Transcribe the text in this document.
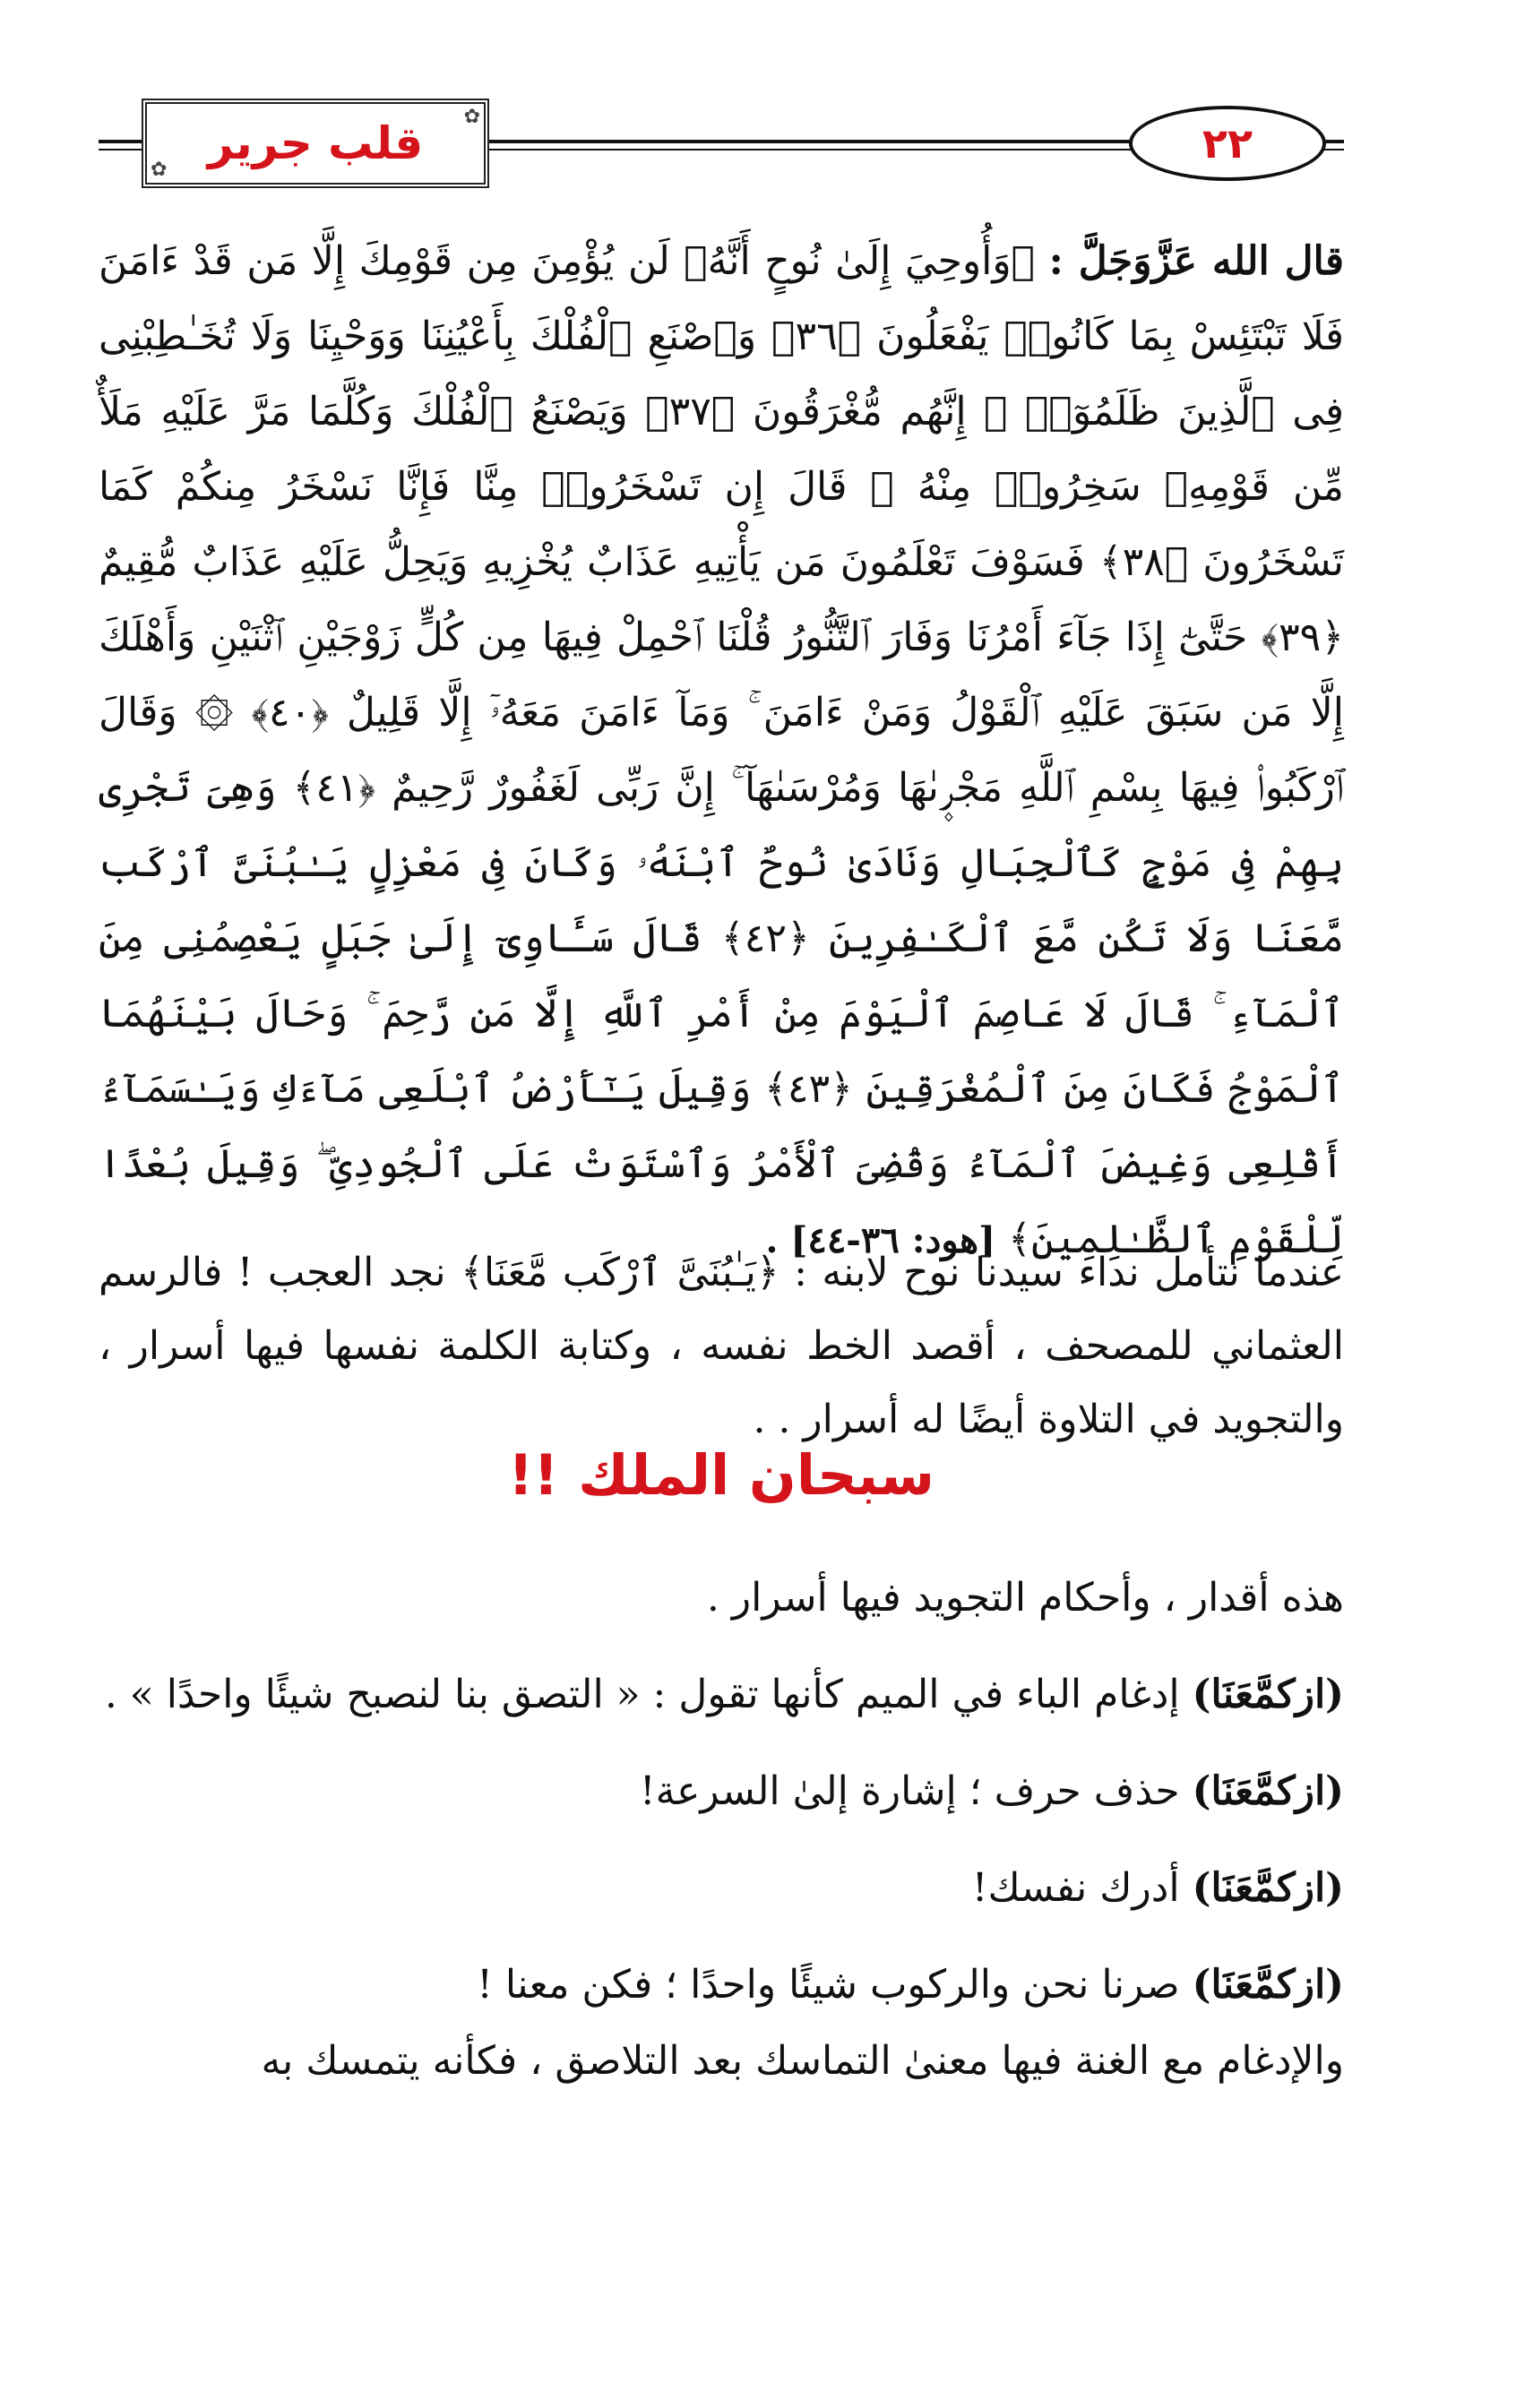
✿ قلب جرير
✿	٢٢
قال الله عَزَّوَجَلَّ : ﴿وَأُوحِيَ إِلَىٰ نُوحٍ أَنَّهُۥ لَن يُؤْمِنَ مِن قَوْمِكَ إِلَّا مَن قَدْ ءَامَنَ فَلَا تَبْتَئِسْ بِمَا كَانُوا۟ يَفْعَلُونَ ﴿٣٦﴾ وَٱصْنَعِ ٱلْفُلْكَ بِأَعْيُنِنَا وَوَحْيِنَا وَلَا تُخَـٰطِبْنِى فِى ٱلَّذِينَ ظَلَمُوٓا۟ ۚ إِنَّهُم مُّغْرَقُونَ ﴿٣٧﴾ وَيَصْنَعُ ٱلْفُلْكَ وَكُلَّمَا مَرَّ عَلَيْهِ مَلَأٌ مِّن قَوْمِهِۦ سَخِرُوا۟ مِنْهُ ۚ قَالَ إِن تَسْخَرُوا۟ مِنَّا فَإِنَّا نَسْخَرُ مِنكُمْ كَمَا تَسْخَرُونَ ﴿٣٨﴾ فَسَوْفَ تَعْلَمُونَ مَن يَأْتِيهِ عَذَابٌ يُخْزِيهِ وَيَحِلُّ عَلَيْهِ عَذَابٌ مُّقِيمٌ ﴿٣٩﴾ حَتَّىٰٓ إِذَا جَآءَ أَمْرُنَا وَفَارَ ٱلتَّنُّورُ قُلْنَا ٱحْمِلْ فِيهَا مِن كُلٍّ زَوْجَيْنِ ٱثْنَيْنِ وَأَهْلَكَ إِلَّا مَن سَبَقَ عَلَيْهِ ٱلْقَوْلُ وَمَنْ ءَامَنَ ۚ وَمَآ ءَامَنَ مَعَهُۥٓ إِلَّا قَلِيلٌ ﴿٤٠﴾ ۞ وَقَالَ ٱرْكَبُوا۟ فِيهَا بِسْمِ ٱللَّهِ مَجْر۪ىٰهَا وَمُرْسَىٰهَآ ۚ إِنَّ رَبِّى لَغَفُورٌ رَّحِيمٌ ﴿٤١﴾ وَهِىَ تَجْرِى بِهِمْ فِى مَوْجٍ كَٱلْجِبَالِ وَنَادَىٰ نُوحٌ ٱبْنَهُۥ وَكَانَ فِى مَعْزِلٍ يَـٰبُنَىَّ ٱرْكَب مَّعَنَا وَلَا تَكُن مَّعَ ٱلْكَـٰفِرِينَ ﴿٤٢﴾ قَالَ سَـَٔاوِىٓ إِلَىٰ جَبَلٍ يَعْصِمُنِى مِنَ ٱلْمَآءِ ۚ قَالَ لَا عَاصِمَ ٱلْيَوْمَ مِنْ أَمْرِ ٱللَّهِ إِلَّا مَن رَّحِمَ ۚ وَحَالَ بَيْنَهُمَا ٱلْمَوْجُ فَكَانَ مِنَ ٱلْمُغْرَقِينَ ﴿٤٣﴾ وَقِيلَ يَـٰٓأَرْضُ ٱبْلَعِى مَآءَكِ وَيَـٰسَمَآءُ أَقْلِعِى وَغِيضَ ٱلْمَآءُ وَقُضِىَ ٱلْأَمْرُ وَٱسْتَوَتْ عَلَى ٱلْجُودِىِّ ۖ وَقِيلَ بُعْدًا لِّلْقَوْمِ ٱلظَّـٰلِمِينَ﴾ [هود: ٣٦-٤٤] .
عندما نتأمل نداء سيدنا نوح لابنه : ﴿يَـٰبُنَىَّ ٱرْكَب مَّعَنَا﴾ نجد العجب ! فالرسم العثماني للمصحف ، أقصد الخط نفسه ، وكتابة الكلمة نفسها فيها أسرار ، والتجويد في التلاوة أيضًا له أسرار . .
سبحان الملك !!
هذه أقدار ، وأحكام التجويد فيها أسرار .
(ازكمَّعَنَا) إدغام الباء في الميم كأنها تقول : « التصق بنا لنصبح شيئًا واحدًا » .
(ازكمَّعَنَا) حذف حرف ؛ إشارة إلىٰ السرعة!
(ازكمَّعَنَا) أدرك نفسك!
(ازكمَّعَنَا) صرنا نحن والركوب شيئًا واحدًا ؛ فكن معنا !
والإدغام مع الغنة فيها معنىٰ التماسك بعد التلاصق ، فكأنه يتمسك به
